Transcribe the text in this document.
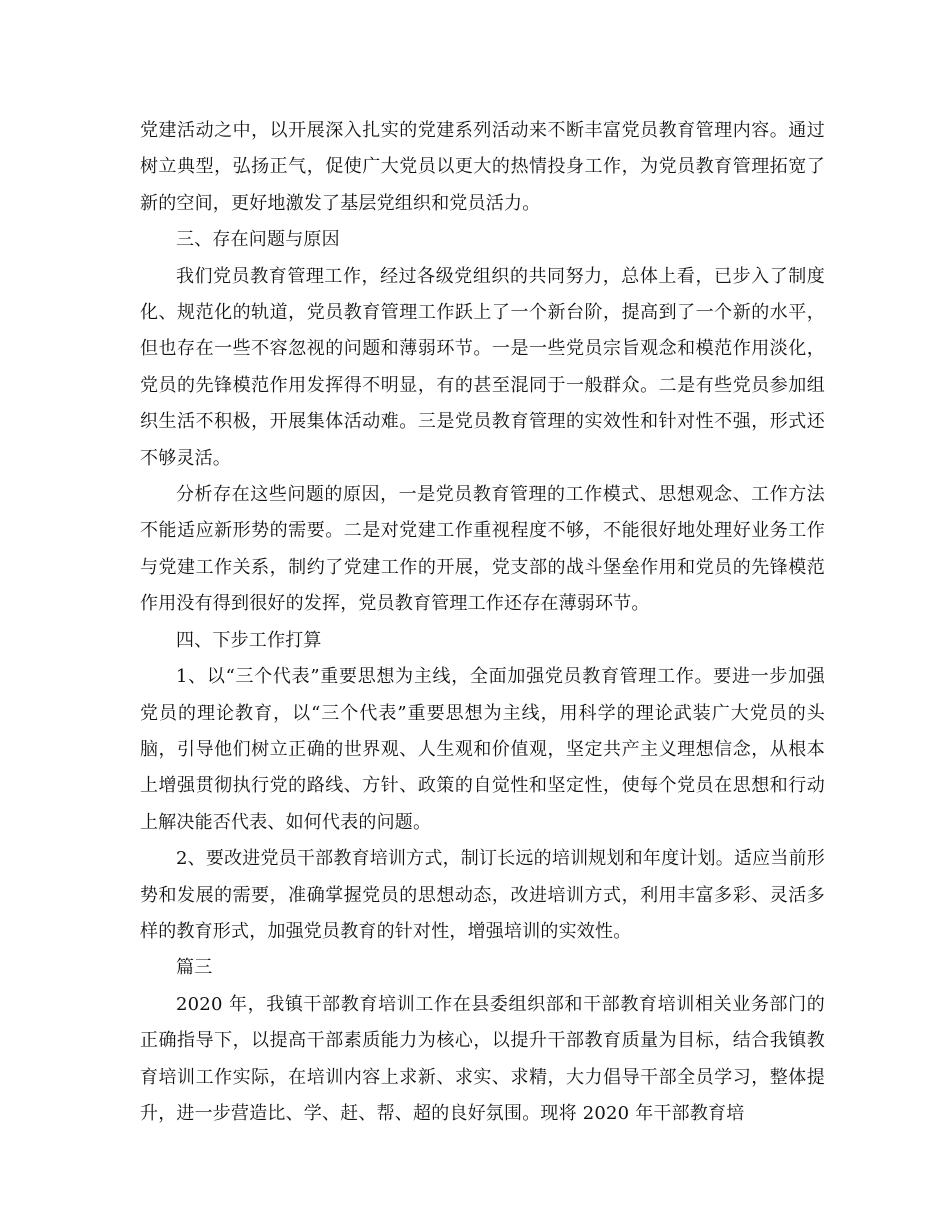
党建活动之中，以开展深入扎实的党建系列活动来不断丰富党员教育管理内容。通过树立典型，弘扬正气，促使广大党员以更大的热情投身工作，为党员教育管理拓宽了新的空间，更好地激发了基层党组织和党员活力。

三、存在问题与原因

我们党员教育管理工作，经过各级党组织的共同努力，总体上看，已步入了制度化、规范化的轨道，党员教育管理工作跃上了一个新台阶，提高到了一个新的水平，但也存在一些不容忽视的问题和薄弱环节。一是一些党员宗旨观念和模范作用淡化，党员的先锋模范作用发挥得不明显，有的甚至混同于一般群众。二是有些党员参加组织生活不积极，开展集体活动难。三是党员教育管理的实效性和针对性不强，形式还不够灵活。

分析存在这些问题的原因，一是党员教育管理的工作模式、思想观念、工作方法不能适应新形势的需要。二是对党建工作重视程度不够，不能很好地处理好业务工作与党建工作关系，制约了党建工作的开展，党支部的战斗堡垒作用和党员的先锋模范作用没有得到很好的发挥，党员教育管理工作还存在薄弱环节。

四、下步工作打算

1、以“三个代表”重要思想为主线，全面加强党员教育管理工作。要进一步加强党员的理论教育，以“三个代表”重要思想为主线，用科学的理论武装广大党员的头脑，引导他们树立正确的世界观、人生观和价值观，坚定共产主义理想信念，从根本上增强贯彻执行党的路线、方针、政策的自觉性和坚定性，使每个党员在思想和行动上解决能否代表、如何代表的问题。

2、要改进党员干部教育培训方式，制订长远的培训规划和年度计划。适应当前形势和发展的需要，准确掌握党员的思想动态，改进培训方式，利用丰富多彩、灵活多样的教育形式，加强党员教育的针对性，增强培训的实效性。

篇三

2020 年，我镇干部教育培训工作在县委组织部和干部教育培训相关业务部门的正确指导下，以提高干部素质能力为核心，以提升干部教育质量为目标，结合我镇教育培训工作实际，在培训内容上求新、求实、求精，大力倡导干部全员学习，整体提升，进一步营造比、学、赶、帮、超的良好氛围。现将 2020 年干部教育培
